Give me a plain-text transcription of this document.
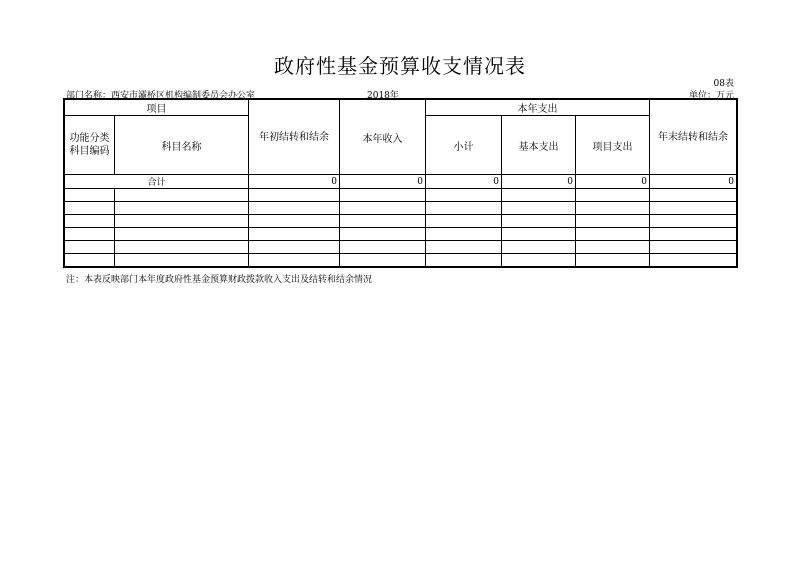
政府性基金预算收支情况表
08表
部门名称：西安市灞桥区机构编制委员会办公室	2018年	单位：万元
项目		年初结转和结余	本年收入	本年支出			年末结转和结余
功能分类
科目编码	科目名称			小计	基本支出	项目支出	
合计		0	0	0	0	0	0

注：本表反映部门本年度政府性基金预算财政拨款收入支出及结转和结余情况
